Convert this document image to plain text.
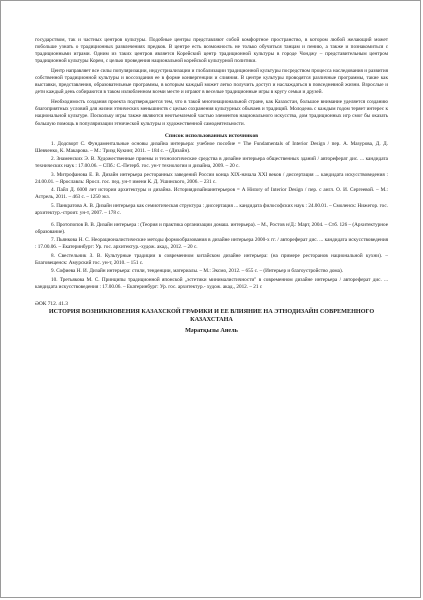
государством, так и частных центров культуры. Подобные центры представляют собой комфортное пространство, в котором любой желающий может побольше узнать о традиционных развлечениях предков. В центре есть возможность не только обучиться танцам и пению, а также и познакомиться с традиционными играми. Одним из таких центров является Корейский центр традиционной культуры в городе Чонджу – представительным центром традиционной культуры Кореи, с целью проведения национальной корейской культурной политики.

Центр направляет все силы популяризации, индустриализации и глобализации традиционной культуры посредством процесса наследования и развития собственной традиционной культуры и воссоздания ее в форме конвергенции и слияния. В центре культуры проводятся различные программы, такие как выставки, представления, образовательные программы, в которым каждый может легко получить доступ и наслаждаться в повседневной жизни. Взрослые и дети каждый день собираются в таком излюбленном всеми месте и играют в веселые традиционные игры в кругу семьи и друзей.

Необходимость создания проекта подтверждается тем, что в такой многонациональной стране, как Казахстан, большое внимание уделяется созданию благоприятных условий для жизни этнических меньшинств с целью сохранения культурных обычаев и традиций. Молодежь с каждым годом теряет интерес к национальной культуре. Поскольку игры также являются неотъемлемой частью элементов национального искусства, дом традиционных игр смог бы оказать большую помощь в популяризации этнической культуры и художественной самодеятельности.

Список использованных источников

1. Додсворт С. Фундаментальные основы дизайна интерьера: учебное пособие = The Fundamentals of Interior Design / пер. А. Мазурова, Д. Д. Шевченко, К. Макарова. – М.: Триэд Кукинг, 2011. – 184 с. – (Дизайн).

2. Знаменских Э. В. Художественные приемы и технологические средства в дизайне интерьера общественных зданий / автореферат дис. ... кандидата технических наук : 17.00.06. – СПб.: С.-Петерб. гос. ун-т технологии и дизайна, 2009. – 20 с.

3. Митрофанова Е. В. Дизайн интерьера ресторанных заведений России конца XIX-начала XXI веков / диссертация ... кандидата искусствоведения : 24.00.01. – Ярославль: Яросл. гос. пед. ун-т имени К. Д. Ушинского, 2006. – 231 с.

4. Пайл Д. 6000 лет истории архитектуры и дизайна. Историядизайнаинтерьеров = A History of Interior Design / пер. с англ. О. И. Сергеевой. – М.: Астрель, 2011. – 463 с. – 1250 экз.

5. Панкратова А. В. Дизайн интерьера как семиотическая структура : диссертация ... кандидата философских наук : 24.00.01. – Смоленск: Нижегор. гос. архитектур.-строит. ун-т, 2007. – 178 с.

6. Протопопов В. В. Дизайн интерьера : (Теория и практика организации домаш. интерьера). – М., Ростов н/Д.: Март, 2004. – Стб. 126 – (Архитектурное образование).

7. Пьянкова Н. С. Неорационалистические методы формообразования в дизайне интерьера 2000-х гг. / автореферат дис. ... кандидата искусствоведения : 17.00.06. – Екатеринбург: Ур. гос. архитектур.-худож. акад., 2012. – 20 с.

8. Свестельник З. В. Культурные традиции в современном китайском дизайне интерьера: (на примере ресторанов национальной кухни). – Благовещенск: Амурский гос. ун-т, 2010. – 151 с.

9. Софиева Н. И. Дизайн интерьера: стили, тенденции, материалы. – М.: Эксмо, 2012. – 655 с. – (Интерьер и благоустройство дома).

10. Третьякова М. С. Принципы традиционной японской „эстетики минималистичности" в современном дизайне интерьера / автореферат дис. ... кандидата искусствоведения : 17.00.06. – Екатеринбург: Ур. гос. архитектур.- худож. акад., 2012. – 21 с

ӘОК 712. 41.3
ИСТОРИЯ ВОЗНИКНОВЕНИЯ КАЗАХСКОЙ ГРАФИКИ И ЕЕ ВЛИЯНИЕ НА ЭТНОДИЗАЙН СОВРЕМЕННОГО КАЗАХСТАНА
Мәратқызы Анель
